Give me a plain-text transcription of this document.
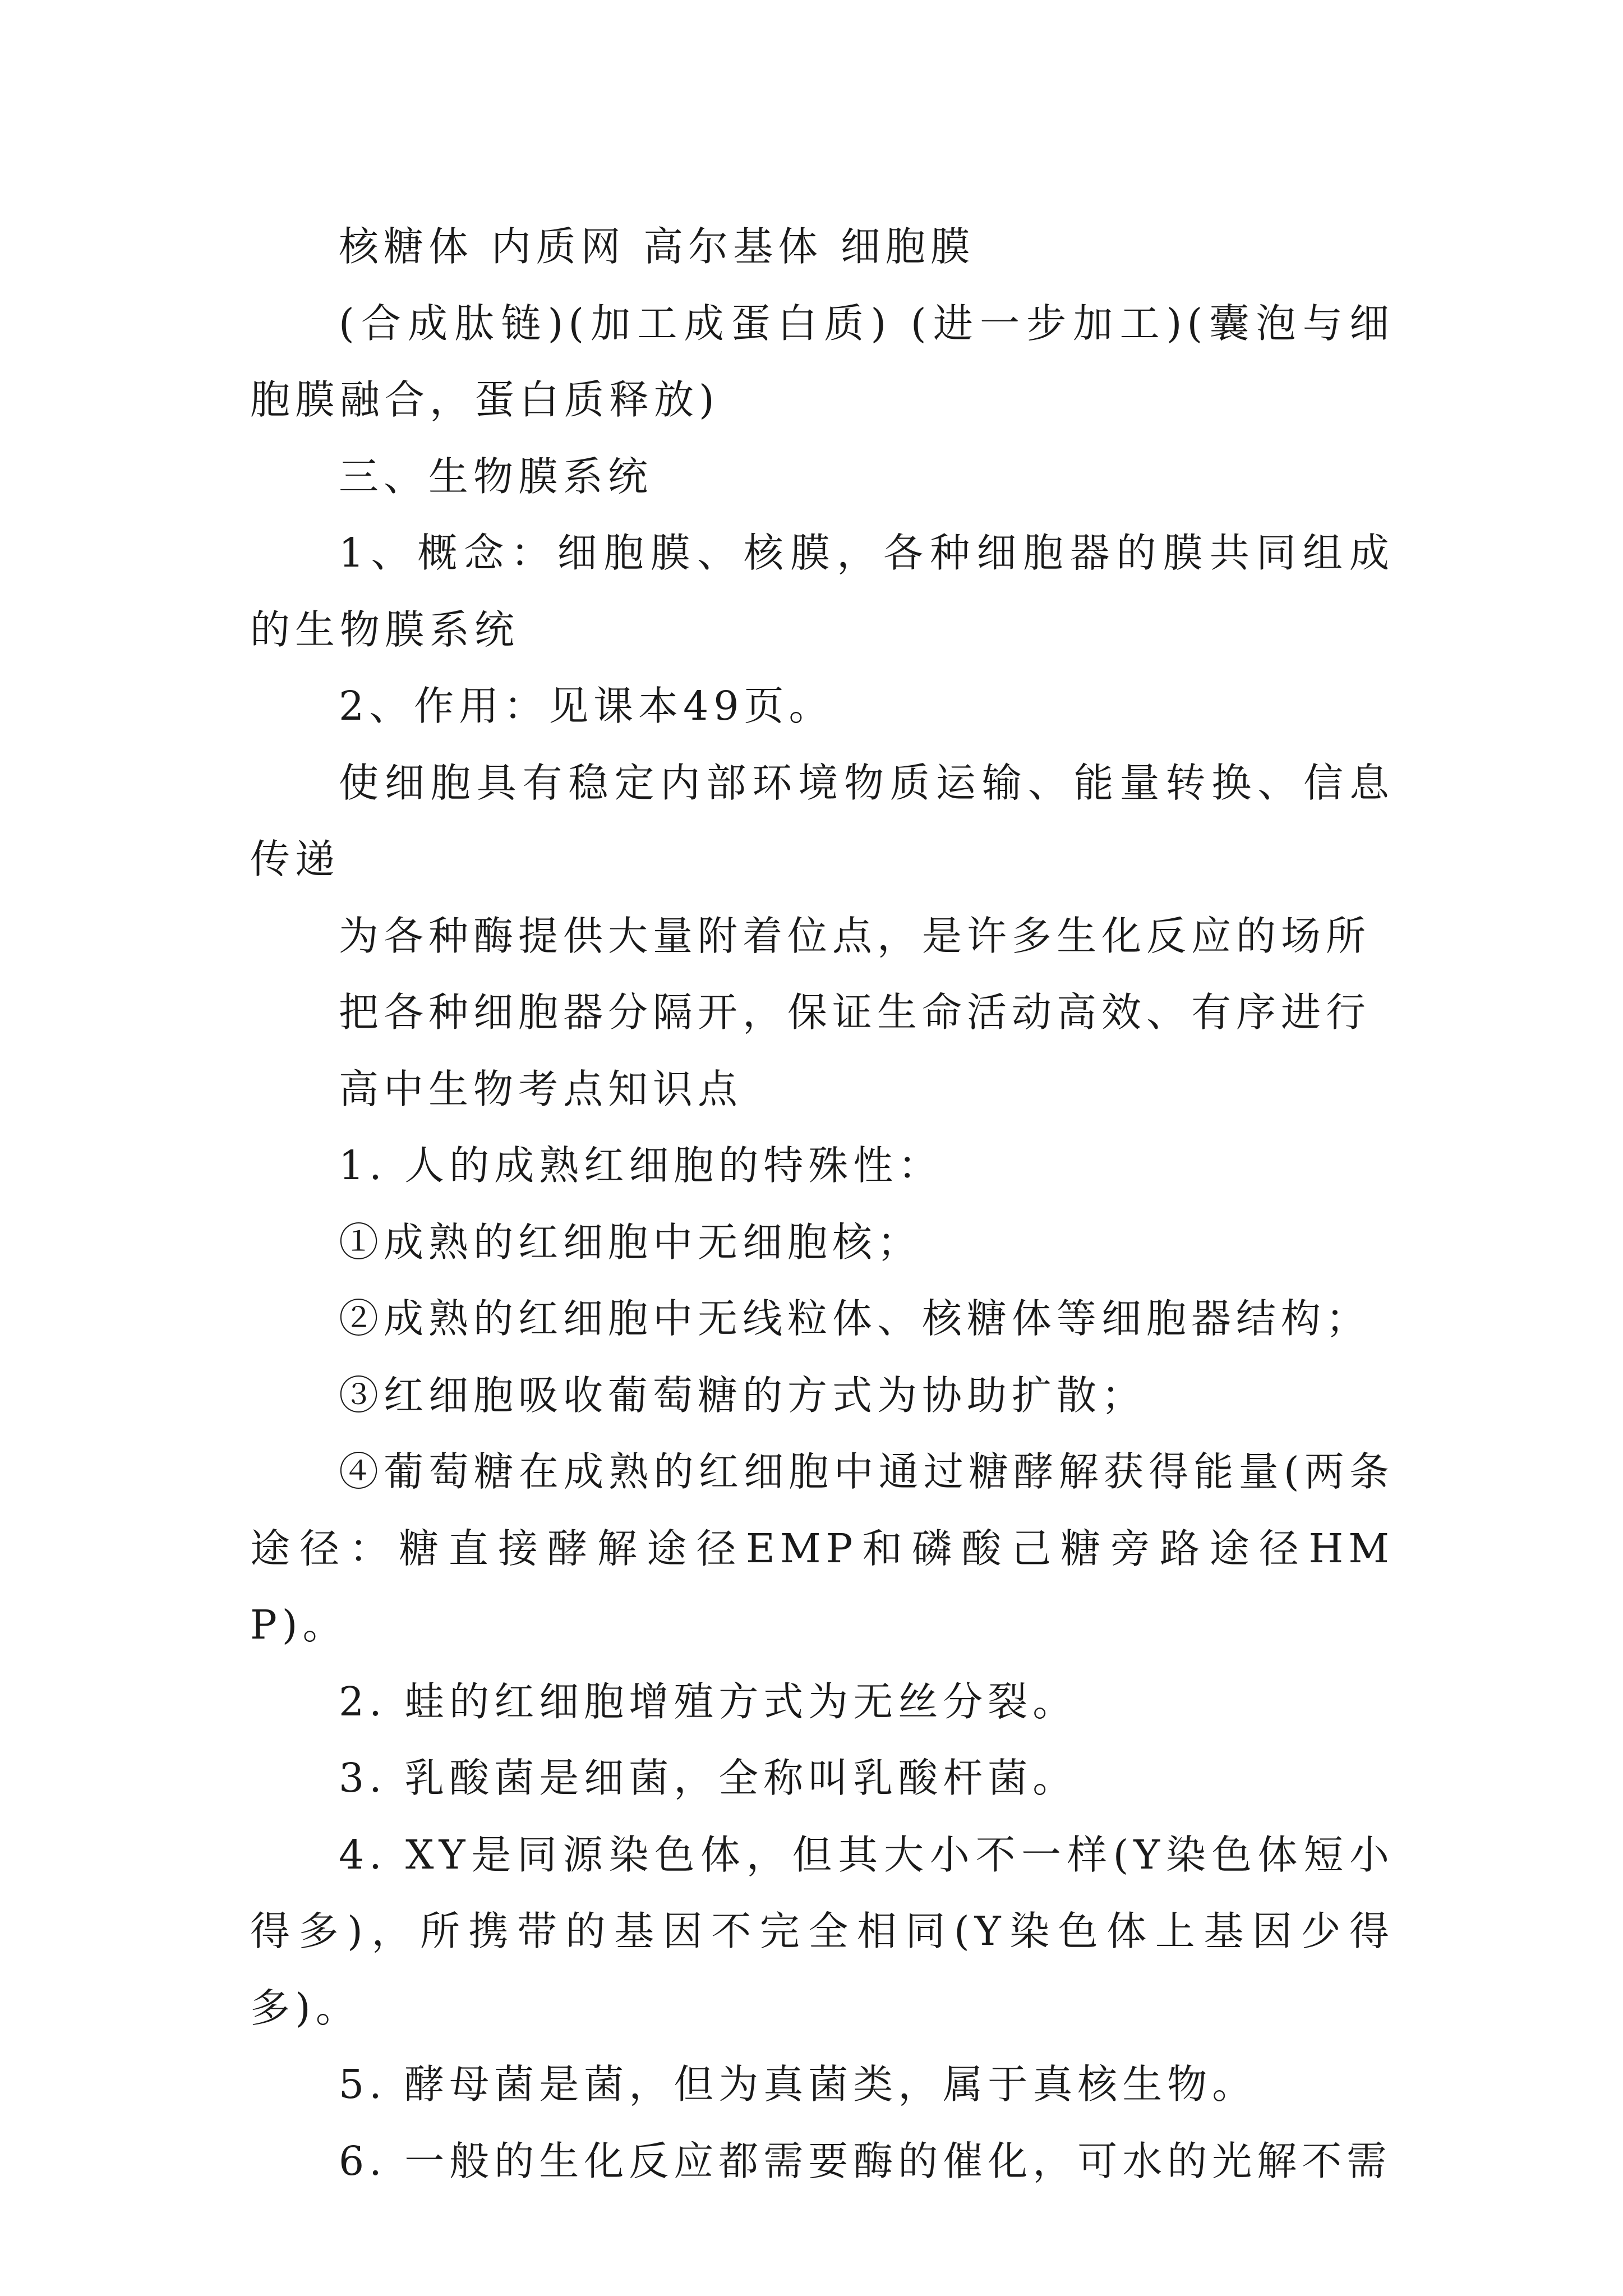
核糖体 内质网 高尔基体 细胞膜

(合成肽链)(加工成蛋白质) (进一步加工)(囊泡与细胞膜融合，蛋白质释放)

三、生物膜系统

1、概念：细胞膜、核膜，各种细胞器的膜共同组成的生物膜系统

2、作用：见课本49页。

使细胞具有稳定内部环境物质运输、能量转换、信息传递

为各种酶提供大量附着位点，是许多生化反应的场所

把各种细胞器分隔开，保证生命活动高效、有序进行

高中生物考点知识点

1. 人的成熟红细胞的特殊性：

①成熟的红细胞中无细胞核；

②成熟的红细胞中无线粒体、核糖体等细胞器结构；

③红细胞吸收葡萄糖的方式为协助扩散；

④葡萄糖在成熟的红细胞中通过糖酵解获得能量(两条途径：糖直接酵解途径EMP和磷酸己糖旁路途径HMP)。

2. 蛙的红细胞增殖方式为无丝分裂。

3. 乳酸菌是细菌，全称叫乳酸杆菌。

4. XY是同源染色体，但其大小不一样(Y染色体短小得多)，所携带的基因不完全相同(Y染色体上基因少得多)。

5. 酵母菌是菌，但为真菌类，属于真核生物。

6. 一般的生化反应都需要酶的催化，可水的光解不需
